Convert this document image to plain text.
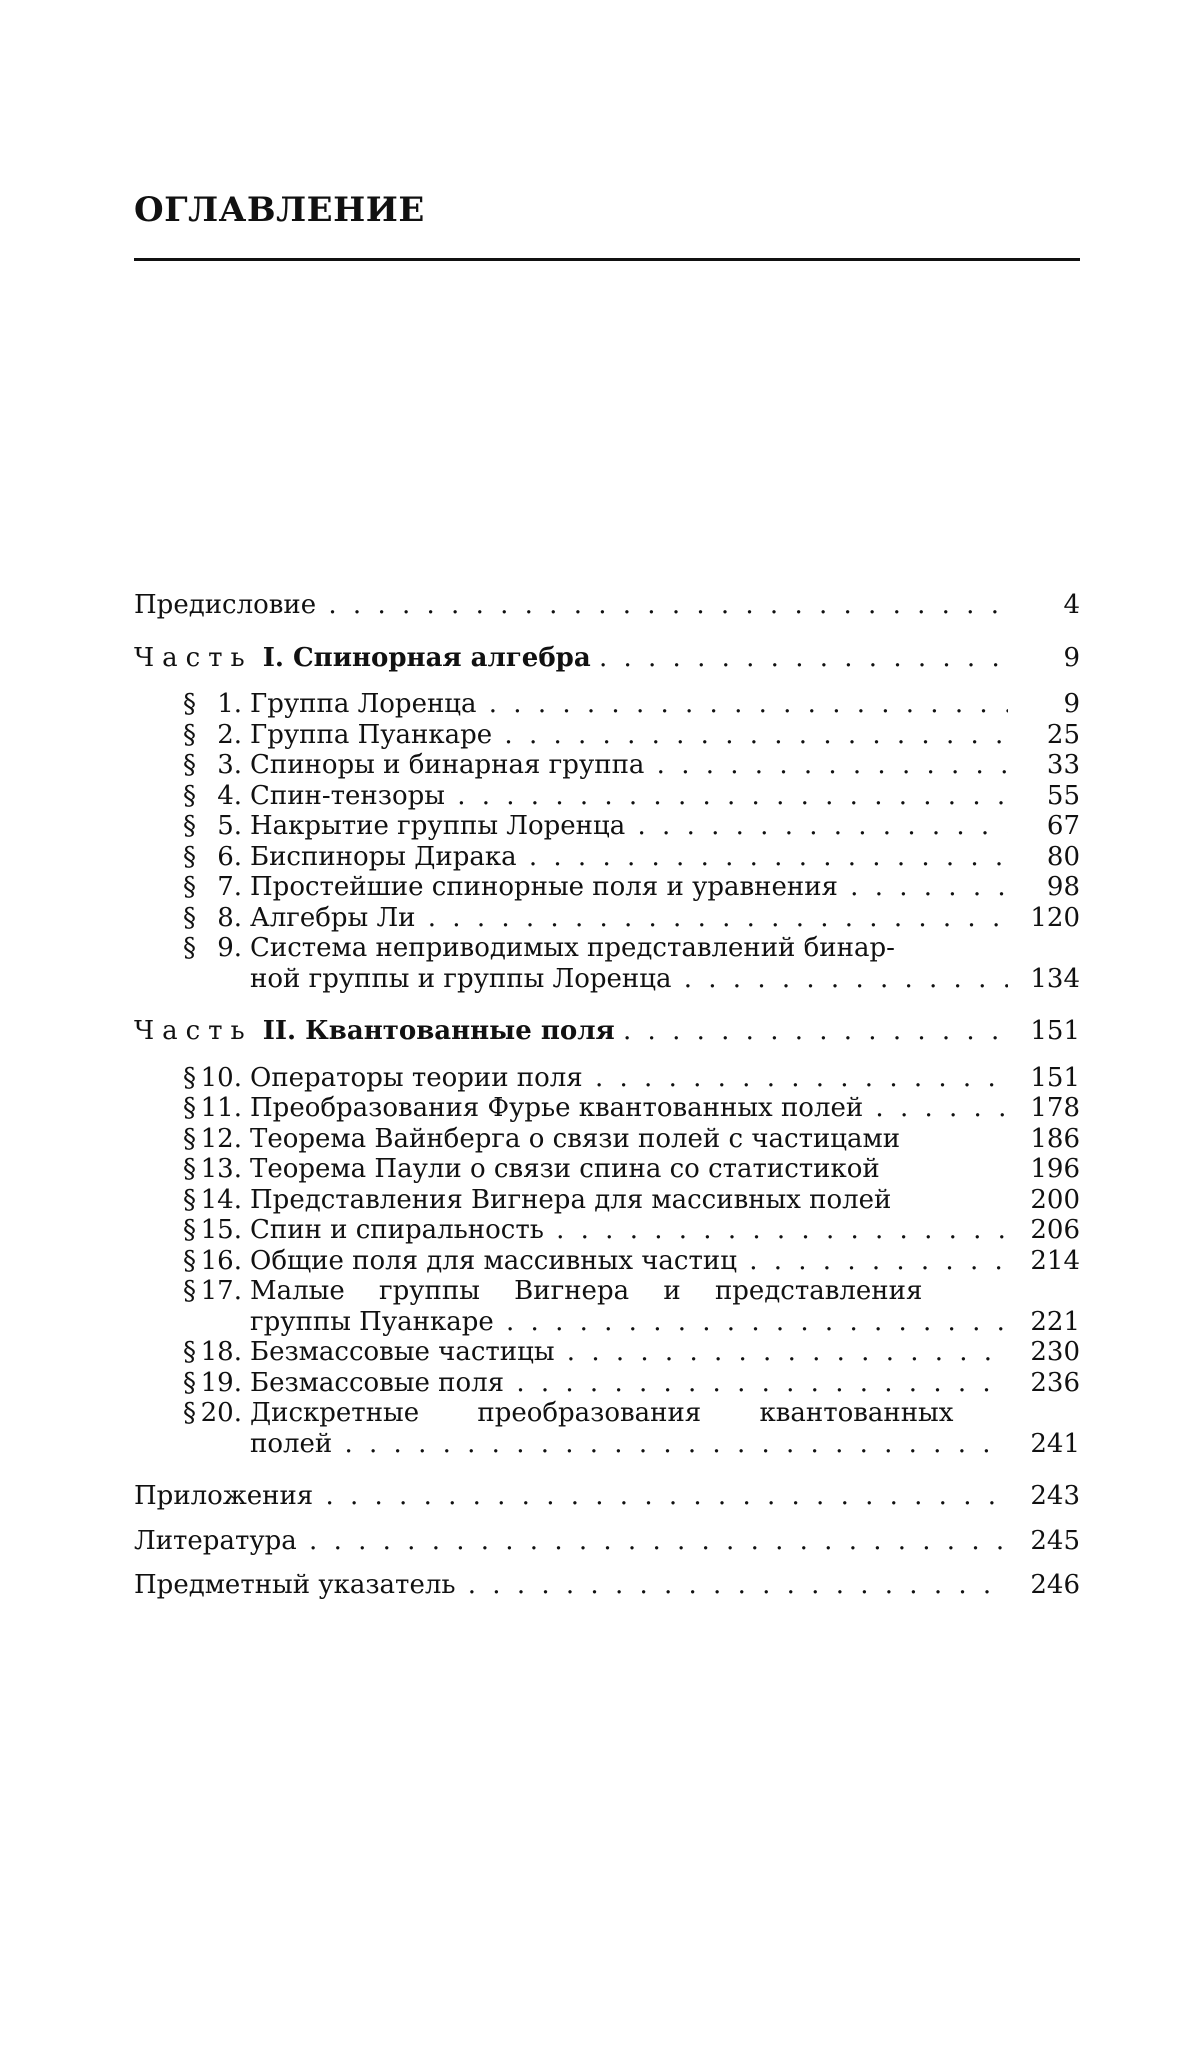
ОГЛАВЛЕНИЕ
Предисловие . . .	4
Часть I. Спинорная алгебра . . .	9
§ 1. Группа Лоренца . . .	9
§ 2. Группа Пуанкаре . . .	25
§ 3. Спиноры и бинарная группа . . .	33
§ 4. Спин-тензоры . . .	55
§ 5. Накрытие группы Лоренца . . .	67
§ 6. Биспиноры Дирака . . .	80
§ 7. Простейшие спинорные поля и уравнения . . .	98
§ 8. Алгебры Ли . . .	120
§ 9. Система неприводимых представлений бинар-
ной группы и группы Лоренца . . .	134
Часть II. Квантованные поля . . .	151
§ 10. Операторы теории поля . . .	151
§ 11. Преобразования Фурье квантованных полей . . .	178
§ 12. Теорема Вайнберга о связи полей с частицами	186
§ 13. Теорема Паули о связи спина со статистикой	196
§ 14. Представления Вигнера для массивных полей	200
§ 15. Спин и спиральность . . .	206
§ 16. Общие поля для массивных частиц . . .	214
§ 17. Малые группы Вигнера и представления
группы Пуанкаре . . .	221
§ 18. Безмассовые частицы . . .	230
§ 19. Безмассовые поля . . .	236
§ 20. Дискретные преобразования квантованных
полей . . .	241
Приложения . . .	243
Литература . . .	245
Предметный указатель . . .	246
